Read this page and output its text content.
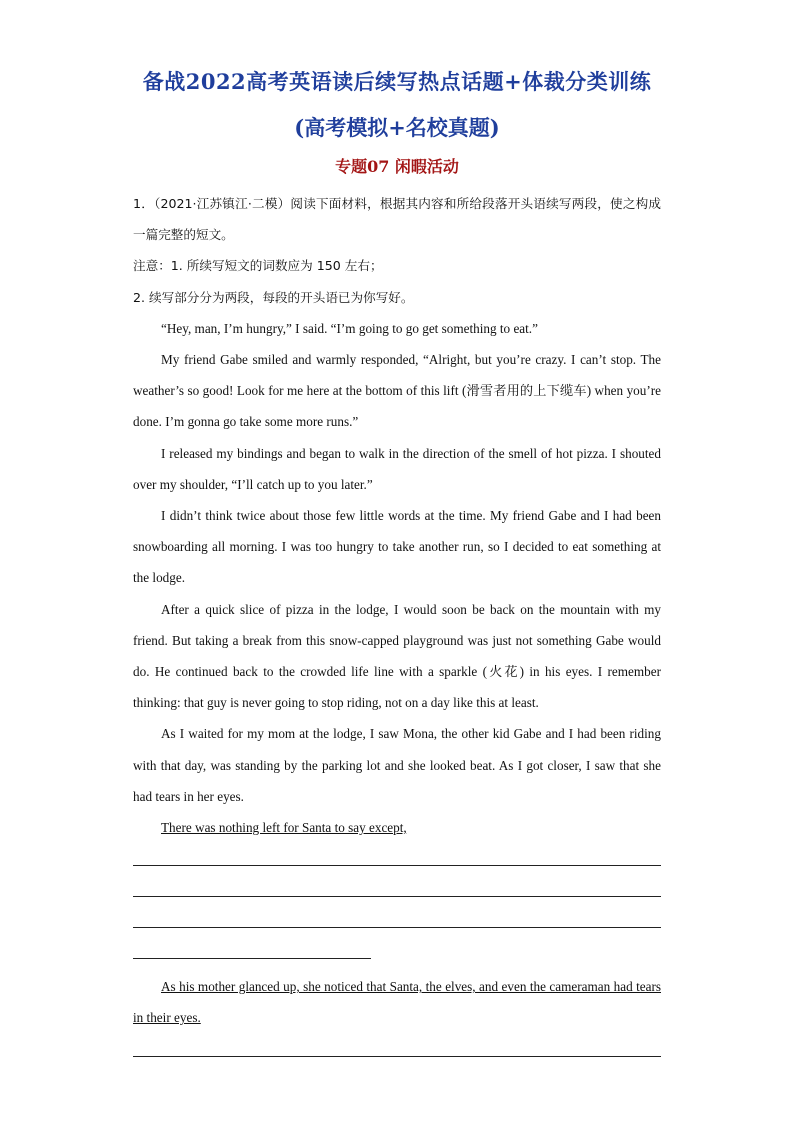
备战2022高考英语读后续写热点话题+体裁分类训练
(高考模拟+名校真题)
专题07 闲暇活动

1．（2021·江苏镇江·二模）阅读下面材料，根据其内容和所给段落开头语续写两段，使之构成一篇完整的短文。

注意：1. 所续写短文的词数应为 150 左右；

2. 续写部分分为两段，每段的开头语已为你写好。

“Hey, man, I’m hungry,” I said. “I’m going to go get something to eat.”

My friend Gabe smiled and warmly responded, “Alright, but you’re crazy. I can’t stop. The weather’s so good! Look for me here at the bottom of this lift (滑雪者用的上下缆车) when you’re done. I’m gonna go take some more runs.”

I released my bindings and began to walk in the direction of the smell of hot pizza. I shouted over my shoulder, “I’ll catch up to you later.”

I didn’t think twice about those few little words at the time. My friend Gabe and I had been snowboarding all morning. I was too hungry to take another run, so I decided to eat something at the lodge.

After a quick slice of pizza in the lodge, I would soon be back on the mountain with my friend. But taking a break from this snow-capped playground was just not something Gabe would do. He continued back to the crowded life line with a sparkle (火花) in his eyes. I remember thinking: that guy is never going to stop riding, not on a day like this at least.

As I waited for my mom at the lodge, I saw Mona, the other kid Gabe and I had been riding with that day, was standing by the parking lot and she looked beat. As I got closer, I saw that she had tears in her eyes.

There was nothing left for Santa to say except,

As his mother glanced up, she noticed that Santa, the elves, and even the cameraman had tears in their eyes.
